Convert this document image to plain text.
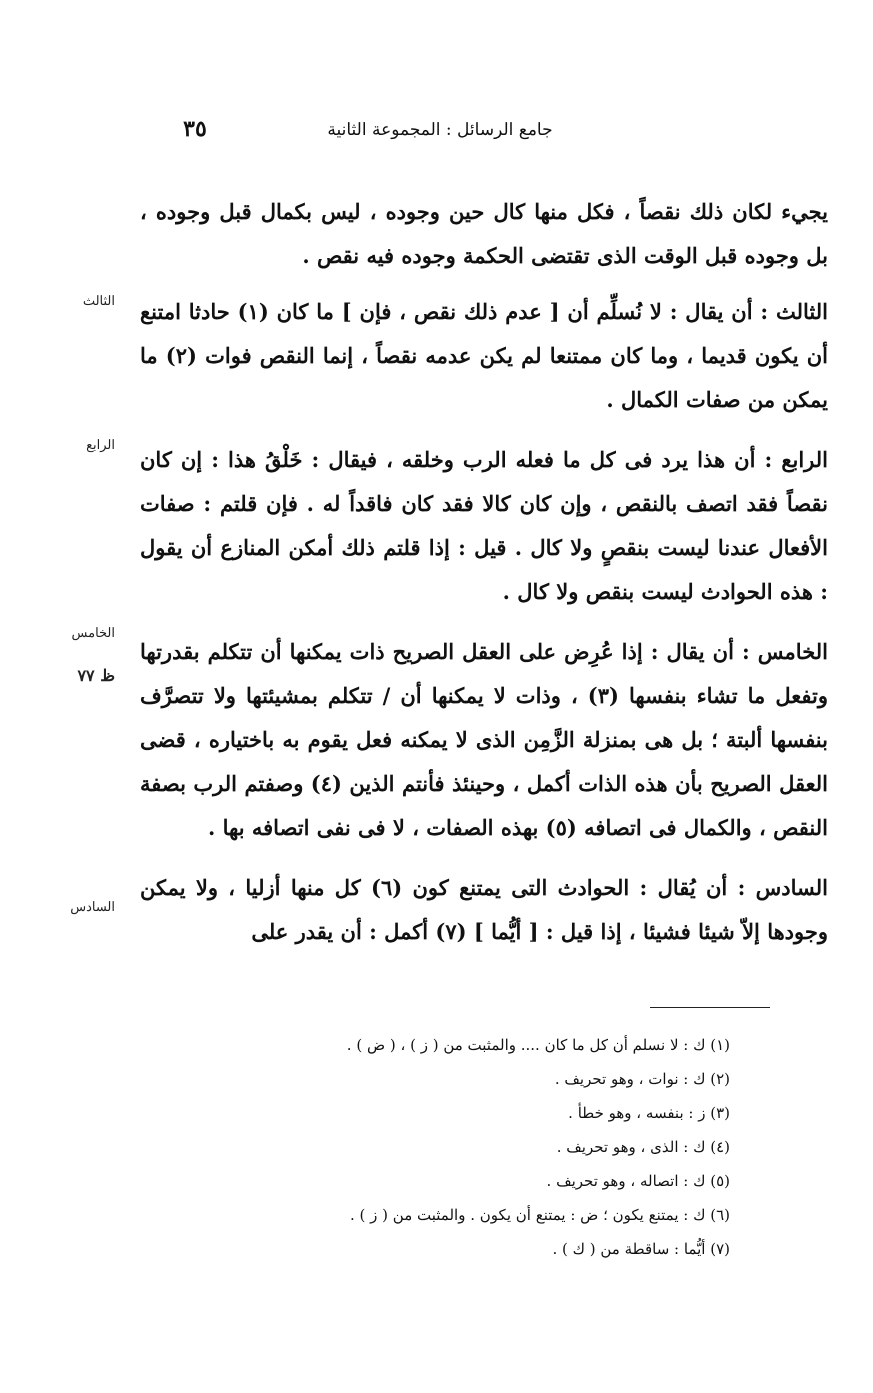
جامع الرسائل : المجموعة الثانية
٣٥

يجيء لكان ذلك نقصاً ، فكل منها كال حين وجوده ، ليس بكمال قبل وجوده ، بل وجوده قبل الوقت الذى تقتضى الحكمة وجوده فيه نقص .

الثالث : أن يقال : لا نُسلِّم أن [ عدم ذلك نقص ، فإن ] ما كان (١) حادثا امتنع أن يكون قديما ، وما كان ممتنعا لم يكن عدمه نقصاً ، إنما النقص فوات (٢) ما يمكن من صفات الكمال .

الرابع : أن هذا يرد فى كل ما فعله الرب وخلقه ، فيقال : خَلْقُ هذا : إن كان نقصاً فقد اتصف بالنقص ، وإن كان كالا فقد كان فاقداً له . فإن قلتم : صفات الأفعال عندنا ليست بنقصٍ ولا كال . قيل : إذا قلتم ذلك أمكن المنازع أن يقول : هذه الحوادث ليست بنقص ولا كال .

الخامس : أن يقال : إذا عُرِض على العقل الصريح ذات يمكنها أن تتكلم بقدرتها وتفعل ما تشاء بنفسها (٣) ، وذات لا يمكنها أن / تتكلم بمشيئتها ولا تتصرَّف بنفسها ألبتة ؛ بل هى بمنزلة الزَّمِن الذى لا يمكنه فعل يقوم به باختياره ، قضى العقل الصريح بأن هذه الذات أكمل ، وحينئذ فأنتم الذين (٤) وصفتم الرب بصفة النقص ، والكمال فى اتصافه (٥) بهذه الصفات ، لا فى نفى اتصافه بها .

السادس : أن يُقال : الحوادث التى يمتنع كون (٦) كل منها أزليا ، ولا يمكن وجودها إلاّ شيئا فشيئا ، إذا قيل : [ أيُّما ] (٧) أكمل : أن يقدر على

الثالث
الرابع
الخامس
ظ ٧٧
السادس
(١) ك : لا نسلم أن كل ما كان .... والمثبت من ( ز ) ، ( ض ) .
(٢) ك : نوات ، وهو تحريف .
(٣) ز : بنفسه ، وهو خطأ .
(٤) ك : الذى ، وهو تحريف .
(٥) ك : اتصاله ، وهو تحريف .
(٦) ك : يمتنع يكون ؛ ض : يمتنع أن يكون . والمثبت من ( ز ) .
(٧) أيُّما : ساقطة من ( ك ) .
